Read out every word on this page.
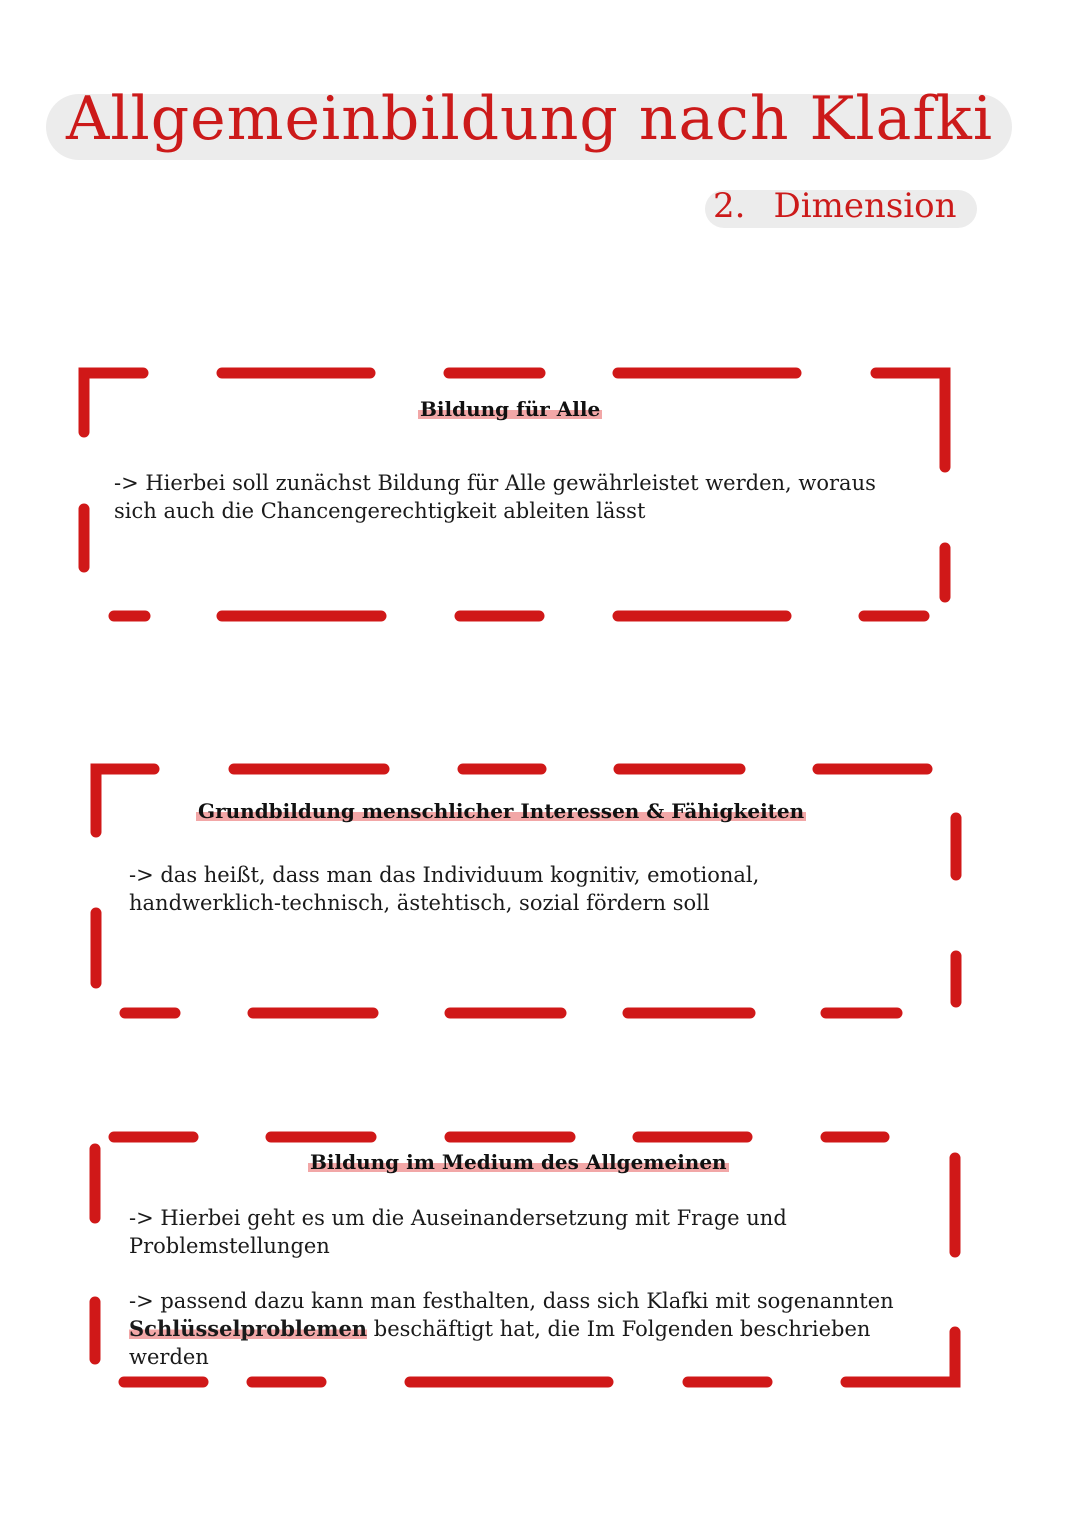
Allgemeinbildung nach Klafki
2. Dimension
Bildung für Alle

-> Hierbei soll zunächst Bildung für Alle gewährleistet werden, woraus sich auch die Chancengerechtigkeit ableiten lässt

Grundbildung menschlicher Interessen & Fähigkeiten

-> das heißt, dass man das Individuum kognitiv, emotional, handwerklich-technisch, ästehtisch, sozial fördern soll

Bildung im Medium des Allgemeinen

-> Hierbei geht es um die Auseinandersetzung mit Frage und Problemstellungen

-> passend dazu kann man festhalten, dass sich Klafki mit sogenannten Schlüsselproblemen beschäftigt hat, die Im Folgenden beschrieben werden
